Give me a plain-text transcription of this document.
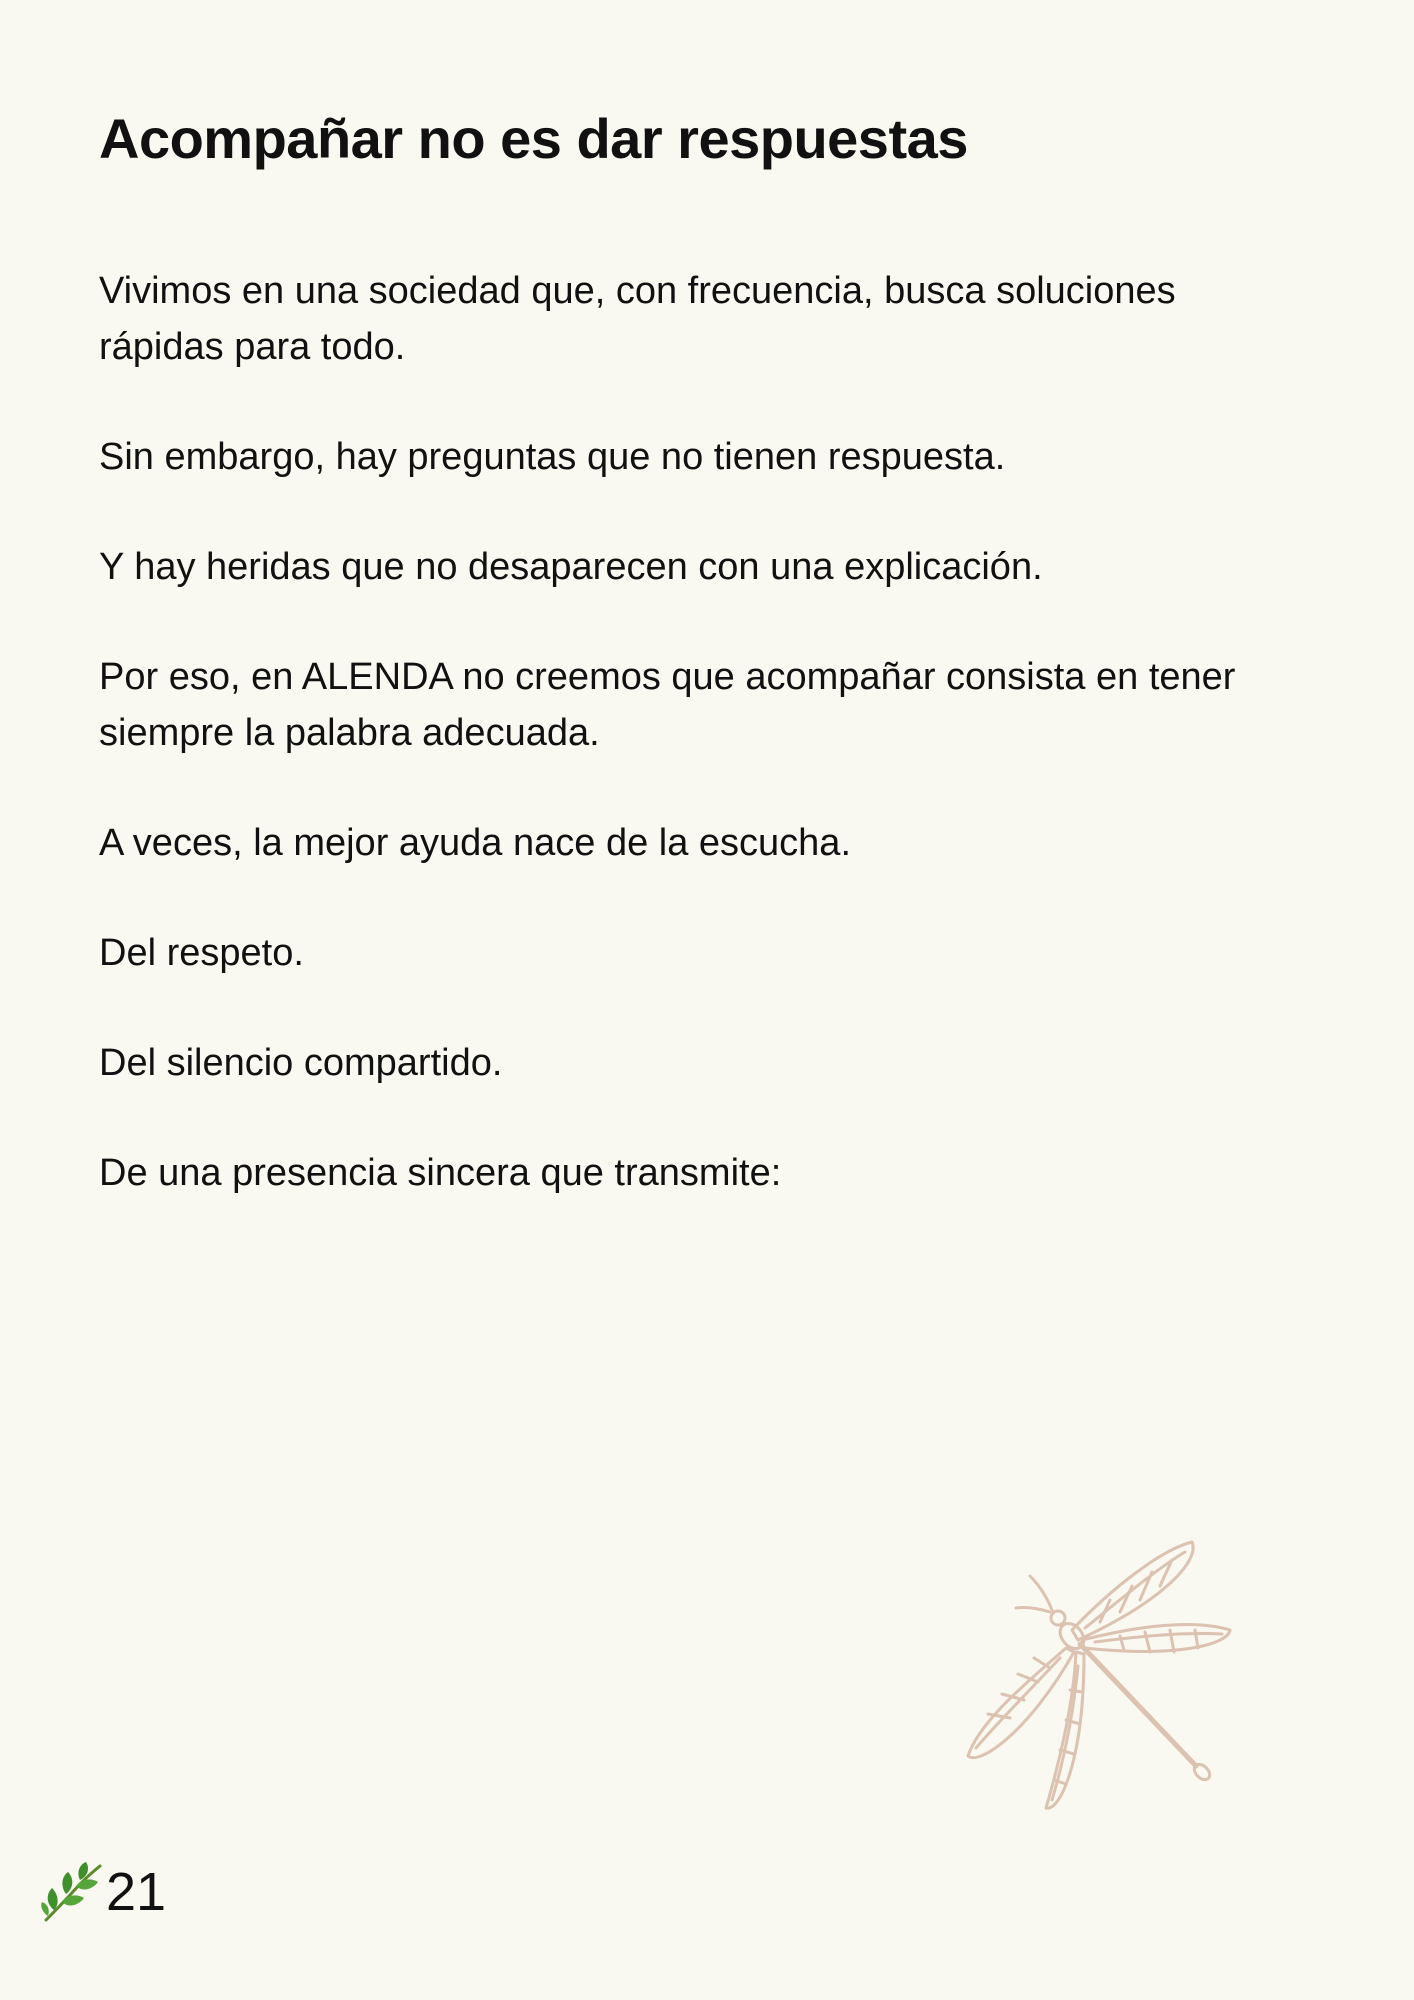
Acompañar no es dar respuestas

Vivimos en una sociedad que, con frecuencia, busca soluciones
rápidas para todo.

Sin embargo, hay preguntas que no tienen respuesta.

Y hay heridas que no desaparecen con una explicación.

Por eso, en ALENDA no creemos que acompañar consista en tener
siempre la palabra adecuada.

A veces, la mejor ayuda nace de la escucha.

Del respeto.

Del silencio compartido.

De una presencia sincera que transmite:

21
